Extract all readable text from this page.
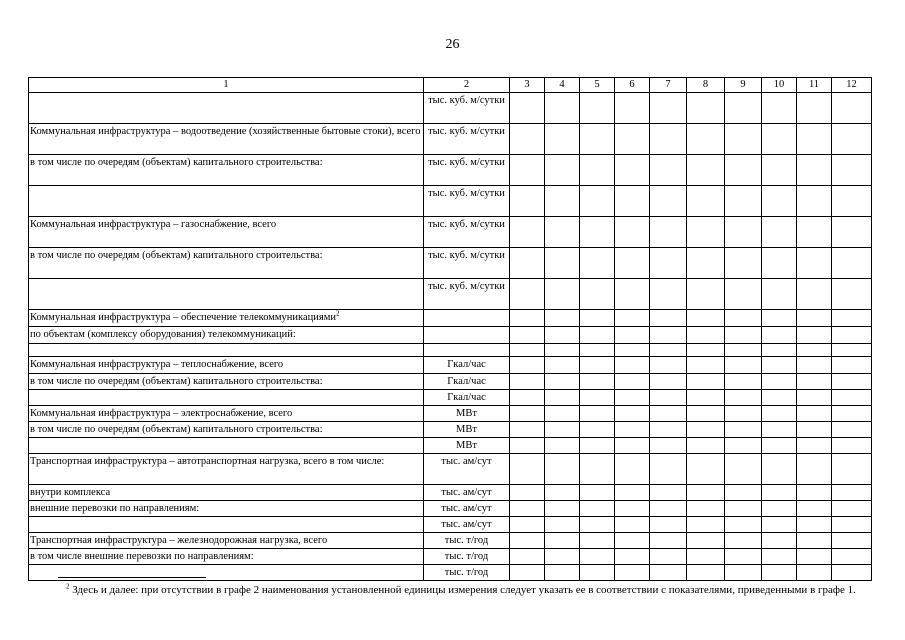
26
1	2	3	4	5	6	7	8	9	10	11	12
	тыс. куб. м/сутки										
Коммунальная инфраструктура – водоотведение (хозяйственные бытовые стоки), всего	тыс. куб. м/сутки										
в том числе по очередям (объектам) капитального строительства:	тыс. куб. м/сутки										
	тыс. куб. м/сутки										
Коммунальная инфраструктура – газоснабжение, всего	тыс. куб. м/сутки										
в том числе по очередям (объектам) капитального строительства:	тыс. куб. м/сутки										
	тыс. куб. м/сутки										
Коммунальная инфраструктура – обеспечение телекоммуникациями$^2$											
по объектам (комплексу оборудования) телекоммуникаций:											

Коммунальная инфраструктура – теплоснабжение, всего	Гкал/час										
в том числе по очередям (объектам) капитального строительства:	Гкал/час										
	Гкал/час										
Коммунальная инфраструктура – электроснабжение, всего	МВт										
в том числе по очередям (объектам) капитального строительства:	МВт										
	МВт										
Транспортная инфраструктура – автотранспортная нагрузка, всего в том числе:	тыс. ам/сут										
внутри комплекса	тыс. ам/сут										
внешние перевозки по направлениям:	тыс. ам/сут										
	тыс. ам/сут										
Транспортная инфраструктура – железнодорожная нагрузка, всего	тыс. т/год										
в том числе внешние перевозки по направлениям:	тыс. т/год										
	тыс. т/год										
$^2$ Здесь и далее: при отсутствии в графе 2 наименования установленной единицы измерения следует указать ее в соответствии с показателями, приведенными в графе 1.
